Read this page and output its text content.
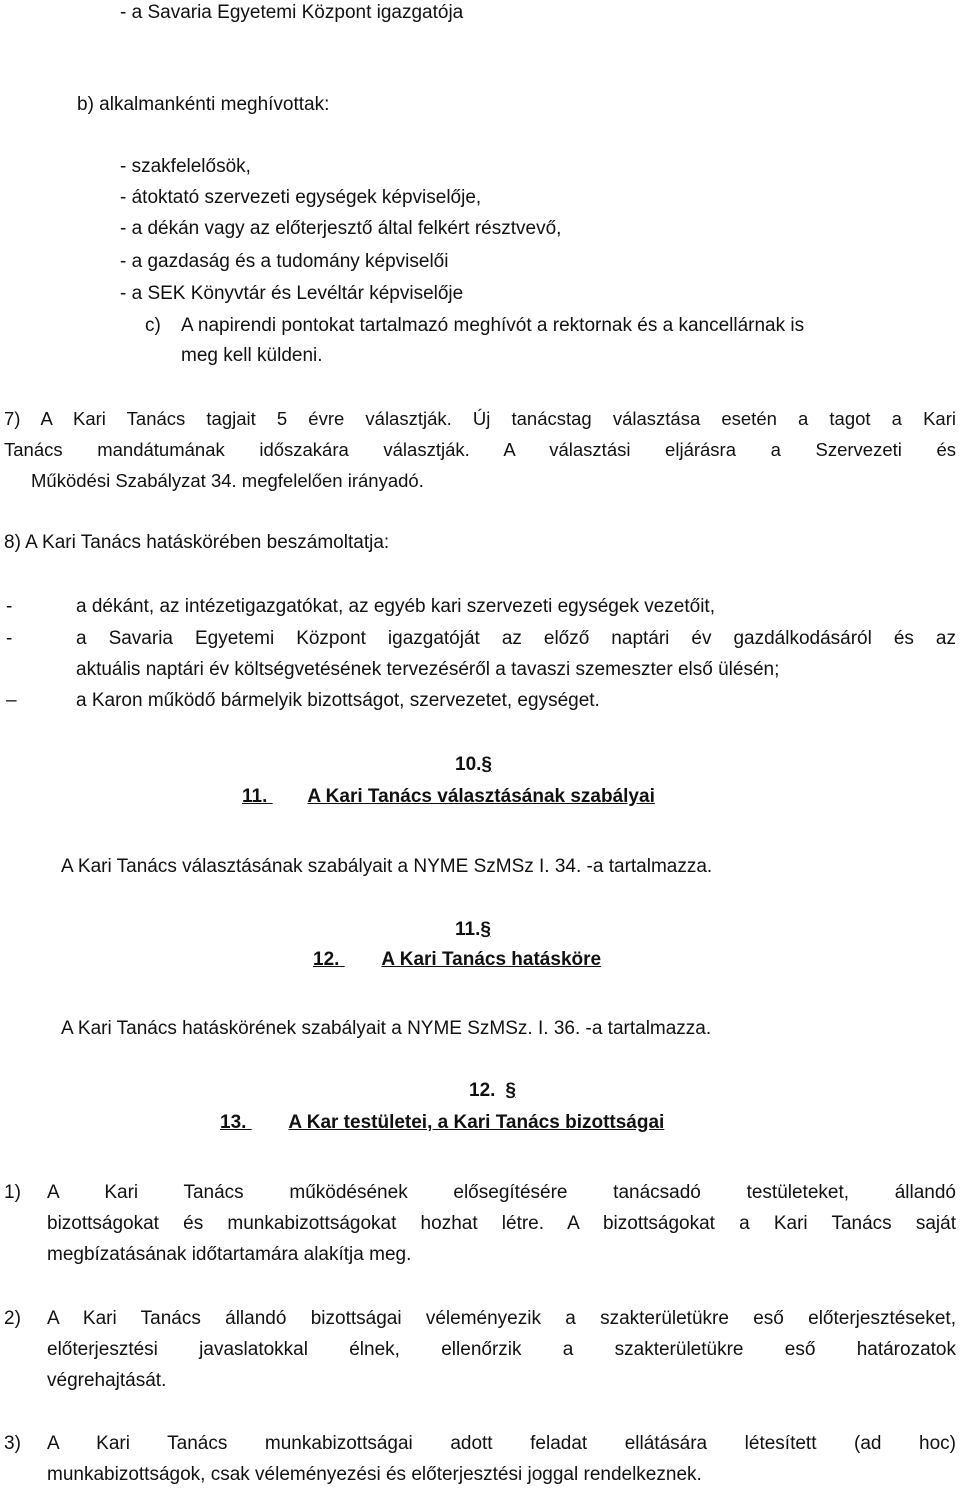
- a Savaria Egyetemi Központ igazgatója
b) alkalmankénti meghívottak:
- szakfelelősök,
- átoktató szervezeti egységek képviselője,
- a dékán vagy az előterjesztő által felkért résztvevő,
- a gazdaság és a tudomány képviselői
- a SEK Könyvtár és Levéltár képviselője
c) A napirendi pontokat tartalmazó meghívót a rektornak és a kancellárnak is
meg kell küldeni.
7) A Kari Tanács tagjait 5 évre választják. Új tanácstag választása esetén a tagot a Kari
Tanács mandátumának időszakára választják. A választási eljárásra a Szervezeti és
Működési Szabályzat 34. megfelelően irányadó.
8) A Kari Tanács hatáskörében beszámoltatja:
-	a dékánt, az intézetigazgatókat, az egyéb kari szervezeti egységek vezetőit,
-	a Savaria Egyetemi Központ igazgatóját az előző naptári év gazdálkodásáról és az
aktuális naptári év költségvetésének tervezéséről a tavaszi szemeszter első ülésén;
–	a Karon működő bármelyik bizottságot, szervezetet, egységet.
10.§
11. A Kari Tanács választásának szabályai
A Kari Tanács választásának szabályait a NYME SzMSz I. 34. -a tartalmazza.
11.§
12. A Kari Tanács hatásköre
A Kari Tanács hatáskörének szabályait a NYME SzMSz. I. 36. -a tartalmazza.
12. §
13. A Kar testületei, a Kari Tanács bizottságai
1) A Kari Tanács működésének elősegítésére tanácsadó testületeket, állandó
bizottságokat és munkabizottságokat hozhat létre. A bizottságokat a Kari Tanács saját
megbízatásának időtartamára alakítja meg.
2) A Kari Tanács állandó bizottságai véleményezik a szakterületükre eső előterjesztéseket,
előterjesztési javaslatokkal élnek, ellenőrzik a szakterületükre eső határozatok
végrehajtását.
3) A Kari Tanács munkabizottságai adott feladat ellátására létesített (ad hoc)
munkabizottságok, csak véleményezési és előterjesztési joggal rendelkeznek.
